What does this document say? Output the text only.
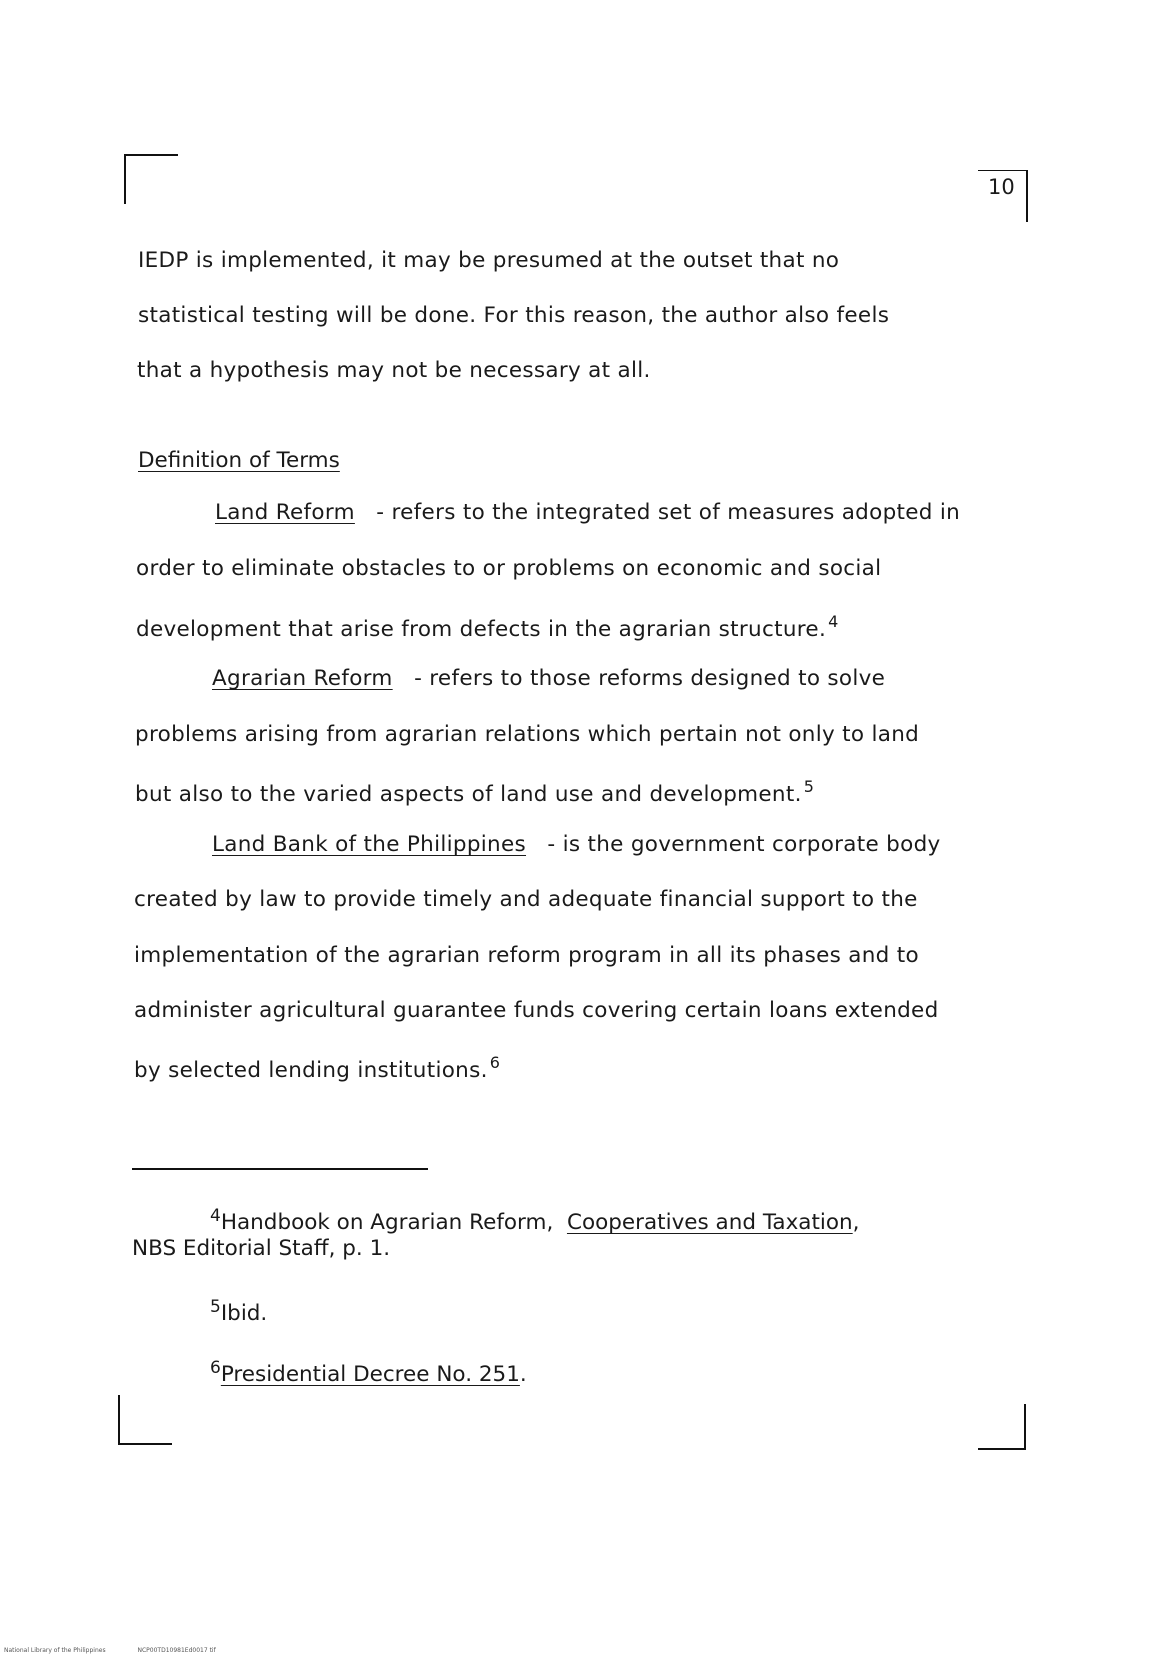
10
IEDP is implemented, it may be presumed at the outset that no
statistical testing will be done. For this reason, the author also feels
that a hypothesis may not be necessary at all.
Definition of Terms
Land Reform - refers to the integrated set of measures adopted in
order to eliminate obstacles to or problems on economic and social
development that arise from defects in the agrarian structure. $^4$
Agrarian Reform - refers to those reforms designed to solve
problems arising from agrarian relations which pertain not only to land
but also to the varied aspects of land use and development. $^5$
Land Bank of the Philippines - is the government corporate body
created by law to provide timely and adequate financial support to the
implementation of the agrarian reform program in all its phases and to
administer agricultural guarantee funds covering certain loans extended
by selected lending institutions. $^6$
$^4$Handbook on Agrarian Reform, Cooperatives and Taxation,
NBS Editorial Staff, p. 1.
$^5$Ibid.
$^6$Presidential Decree No. 251.
National Library of the Philippines	NCP00TD10981Ed0017 tif
